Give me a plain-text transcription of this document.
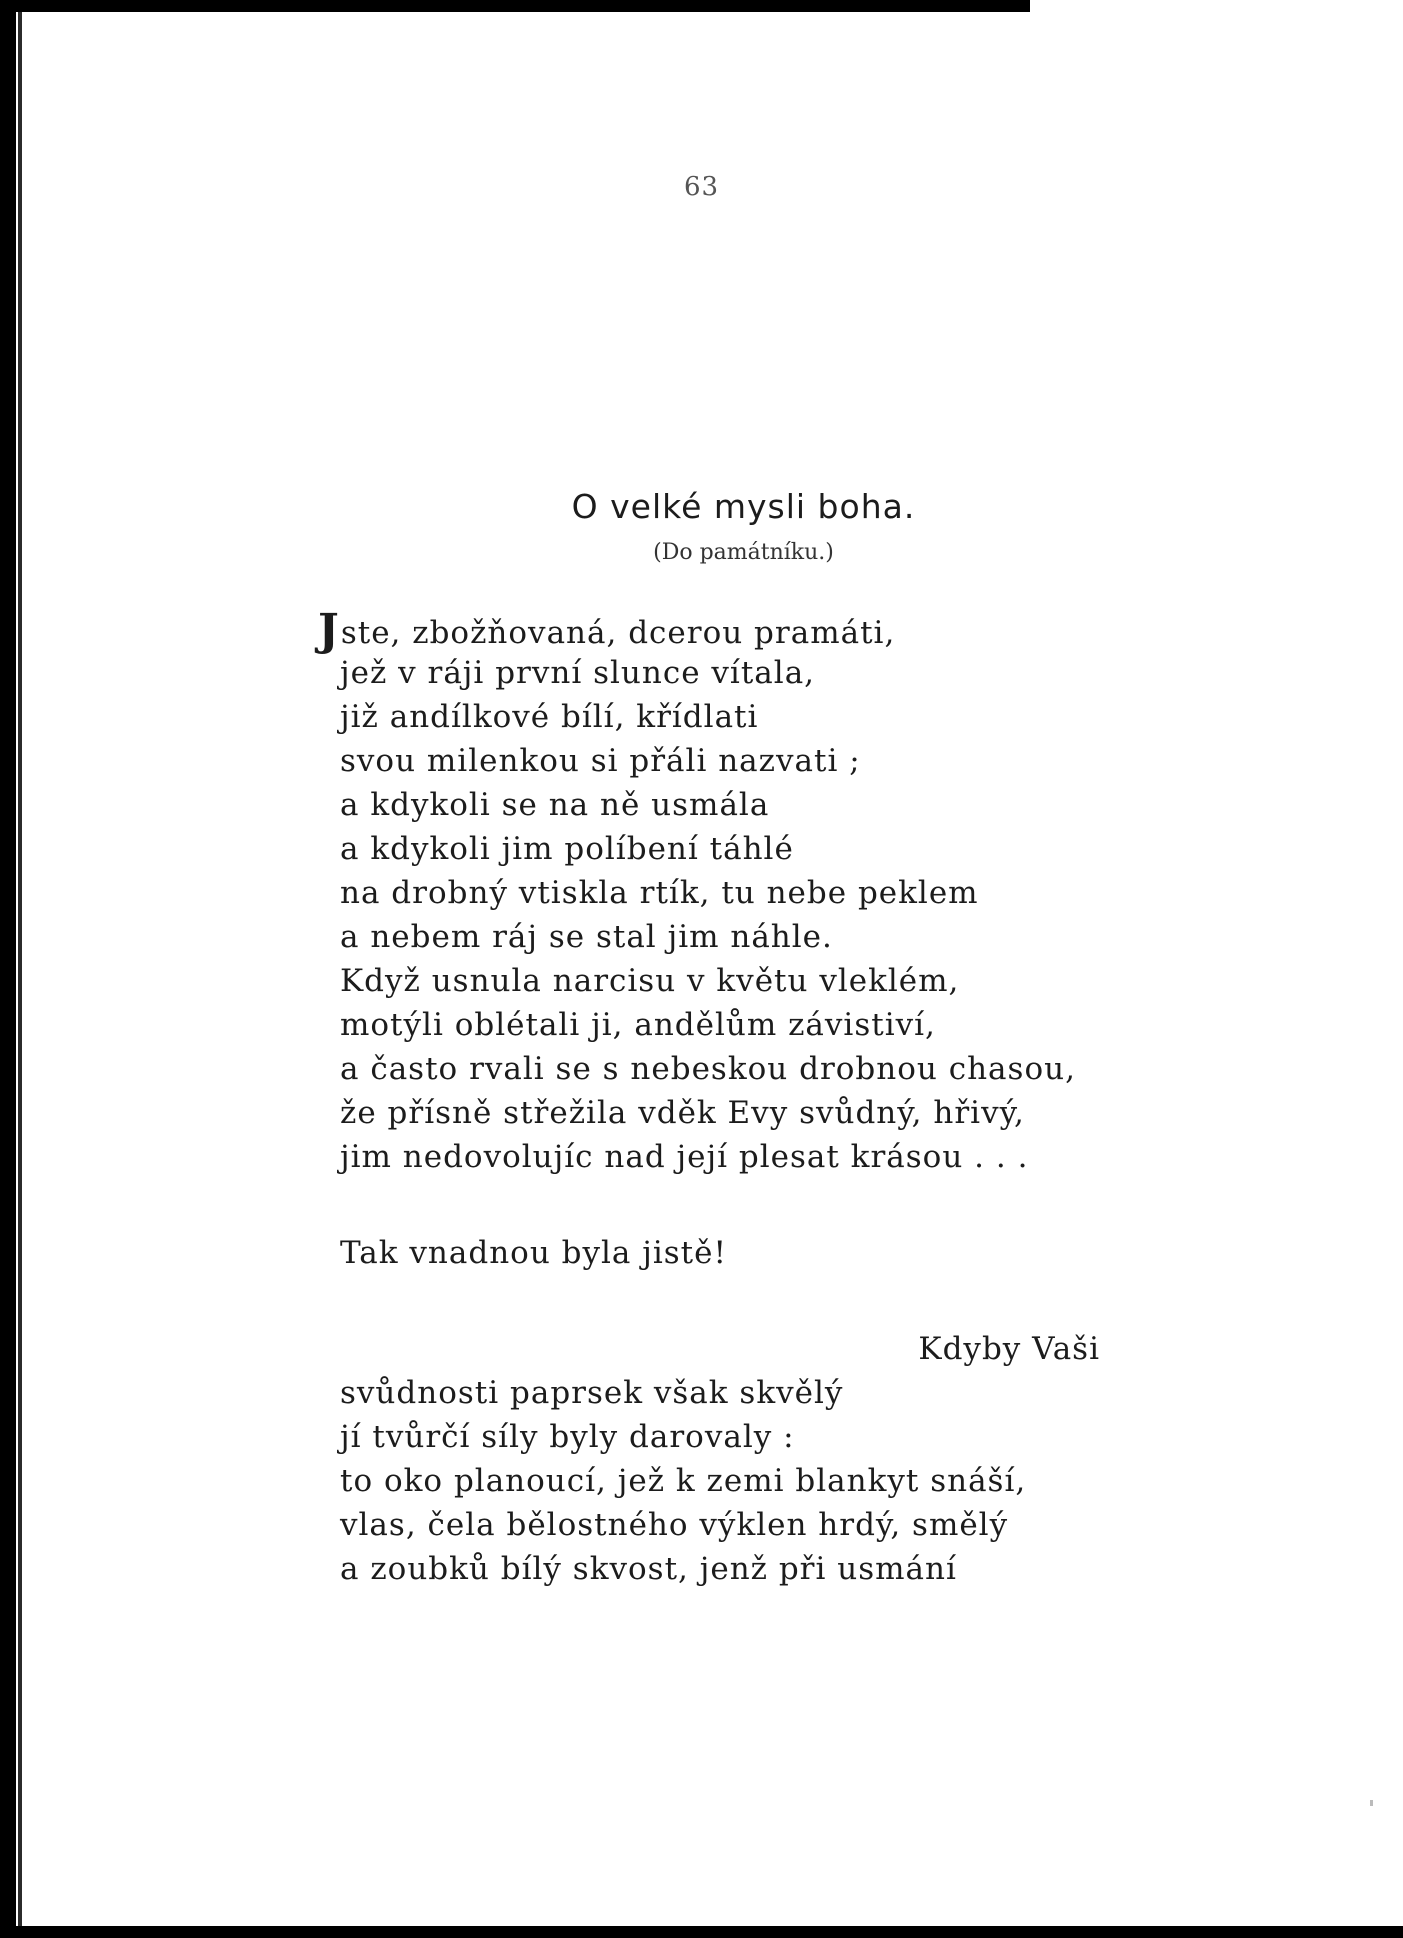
63
O velké mysli boha.
(Do památníku.)
Jste, zbožňovaná, dcerou pramáti,
jež v ráji první slunce vítala,
již andílkové bílí, křídlati
svou milenkou si přáli nazvati ;
a kdykoli se na ně usmála
a kdykoli jim políbení táhlé
na drobný vtiskla rtík, tu nebe peklem
a nebem ráj se stal jim náhle.
Když usnula narcisu v květu vleklém,
motýli oblétali ji, andělům závistiví,
a často rvali se s nebeskou drobnou chasou,
že přísně střežila vděk Evy svůdný, hřivý,
jim nedovolujíc nad její plesat krásou . . .
Tak vnadnou byla jistě!
Kdyby Vaši
svůdnosti paprsek však skvělý
jí tvůrčí síly byly darovaly :
to oko planoucí, jež k zemi blankyt snáší,
vlas, čela bělostného výklen hrdý, smělý
a zoubků bílý skvost, jenž při usmání
